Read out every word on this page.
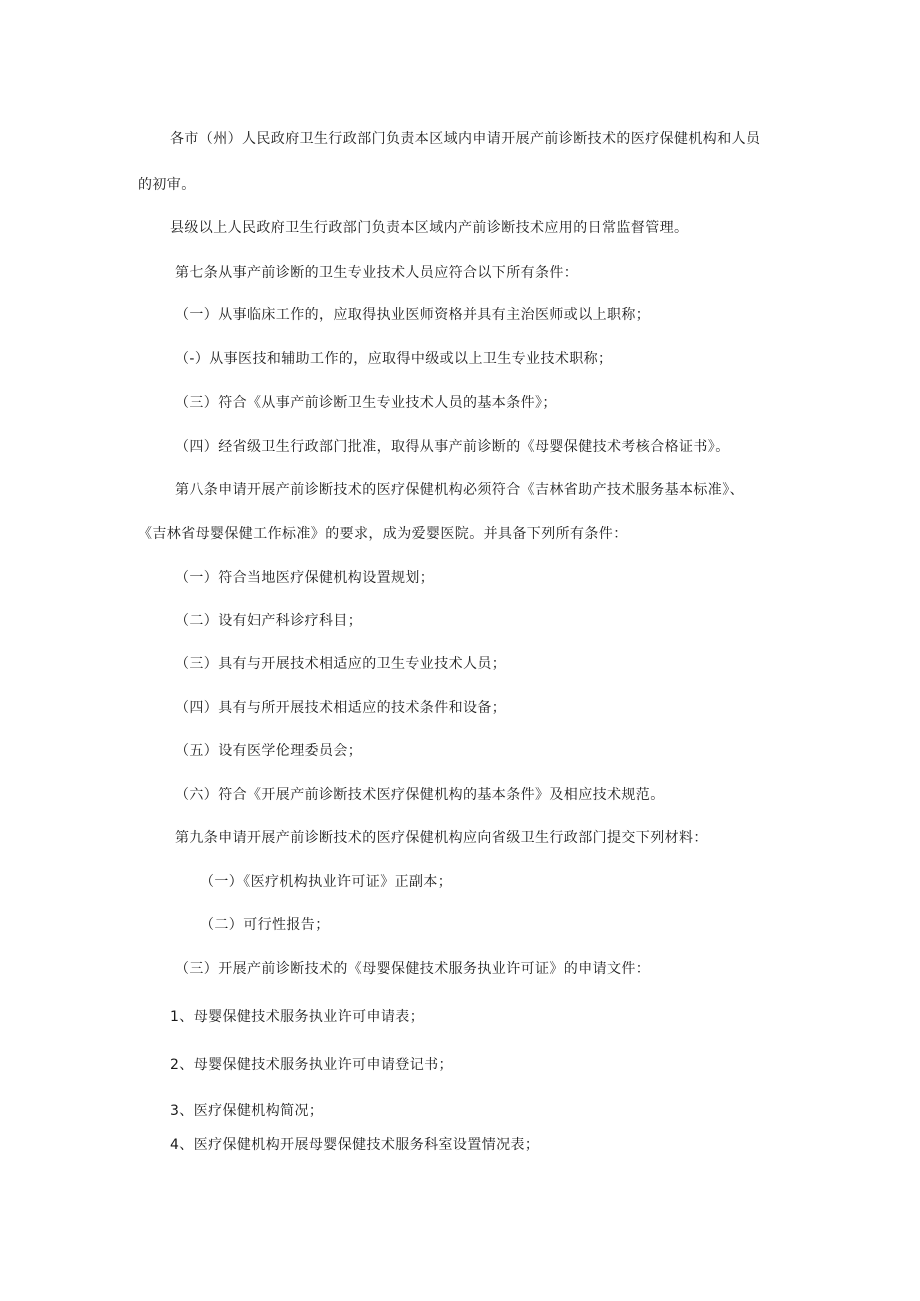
各市（州）人民政府卫生行政部门负责本区域内申请开展产前诊断技术的医疗保健机构和人员
的初审。
县级以上人民政府卫生行政部门负责本区域内产前诊断技术应用的日常监督管理。
第七条从事产前诊断的卫生专业技术人员应符合以下所有条件：
（一）从事临床工作的，应取得执业医师资格并具有主治医师或以上职称；
（-）从事医技和辅助工作的，应取得中级或以上卫生专业技术职称；
（三）符合《从事产前诊断卫生专业技术人员的基本条件》；
（四）经省级卫生行政部门批准，取得从事产前诊断的《母婴保健技术考核合格证书》。
第八条申请开展产前诊断技术的医疗保健机构必须符合《吉林省助产技术服务基本标准》、
《吉林省母婴保健工作标准》的要求，成为爱婴医院。并具备下列所有条件：
（一）符合当地医疗保健机构设置规划；
（二）设有妇产科诊疗科目；
（三）具有与开展技术相适应的卫生专业技术人员；
（四）具有与所开展技术相适应的技术条件和设备；
（五）设有医学伦理委员会；
（六）符合《开展产前诊断技术医疗保健机构的基本条件》及相应技术规范。
第九条申请开展产前诊断技术的医疗保健机构应向省级卫生行政部门提交下列材料：
（一）《医疗机构执业许可证》正副本；
（二）可行性报告；
（三）开展产前诊断技术的《母婴保健技术服务执业许可证》的申请文件：
1、母婴保健技术服务执业许可申请表；
2、母婴保健技术服务执业许可申请登记书；
3、医疗保健机构简况；
4、医疗保健机构开展母婴保健技术服务科室设置情况表；
